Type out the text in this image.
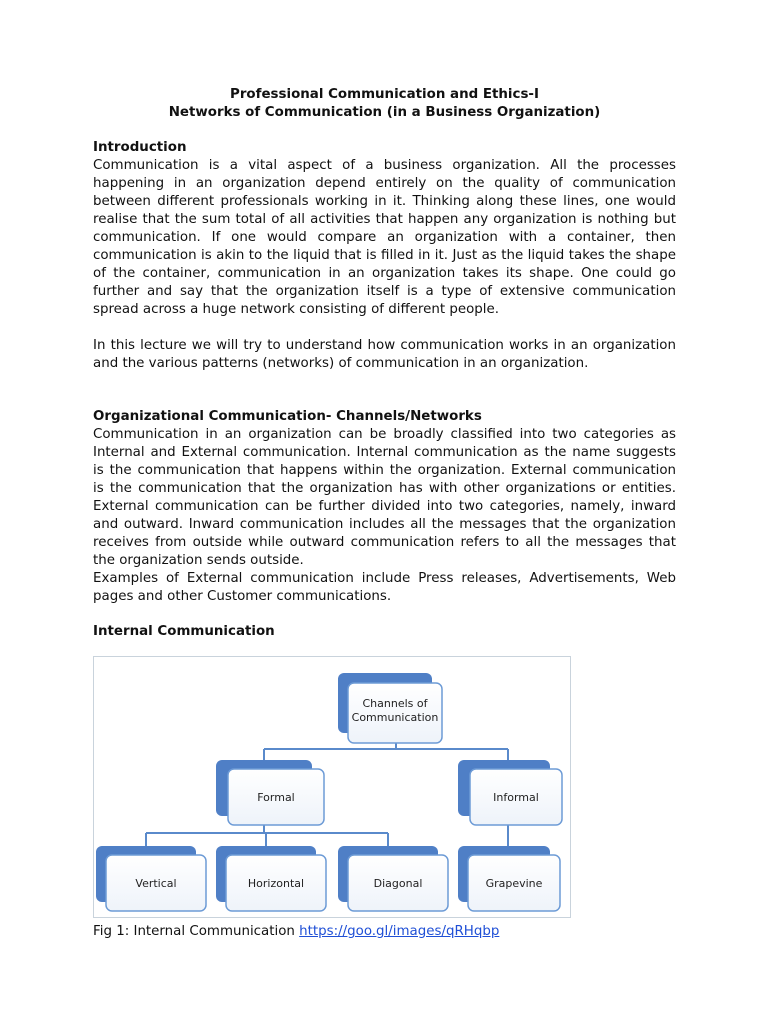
Professional Communication and Ethics-I
Networks of Communication (in a Business Organization)
Introduction

Communication is a vital aspect of a business organization. All the processes happening in an organization depend entirely on the quality of communication between different professionals working in it. Thinking along these lines, one would realise that the sum total of all activities that happen any organization is nothing but communication. If one would compare an organization with a container, then communication is akin to the liquid that is filled in it. Just as the liquid takes the shape of the container, communication in an organization takes its shape. One could go further and say that the organization itself is a type of extensive communication spread across a huge network consisting of different people.

In this lecture we will try to understand how communication works in an organization and the various patterns (networks) of communication in an organization.

Organizational Communication- Channels/Networks

Communication in an organization can be broadly classified into two categories as Internal and External communication. Internal communication as the name suggests is the communication that happens within the organization. External communication is the communication that the organization has with other organizations or entities. External communication can be further divided into two categories, namely, inward and outward. Inward communication includes all the messages that the organization receives from outside while outward communication refers to all the messages that the organization sends outside.

Examples of External communication include Press releases, Advertisements, Web pages and other Customer communications.

Internal Communication
Channels of
Communication
Formal	Informal
Vertical	Horizontal	Diagonal	Grapevine
Fig 1: Internal Communication https://goo.gl/images/qRHqbp
